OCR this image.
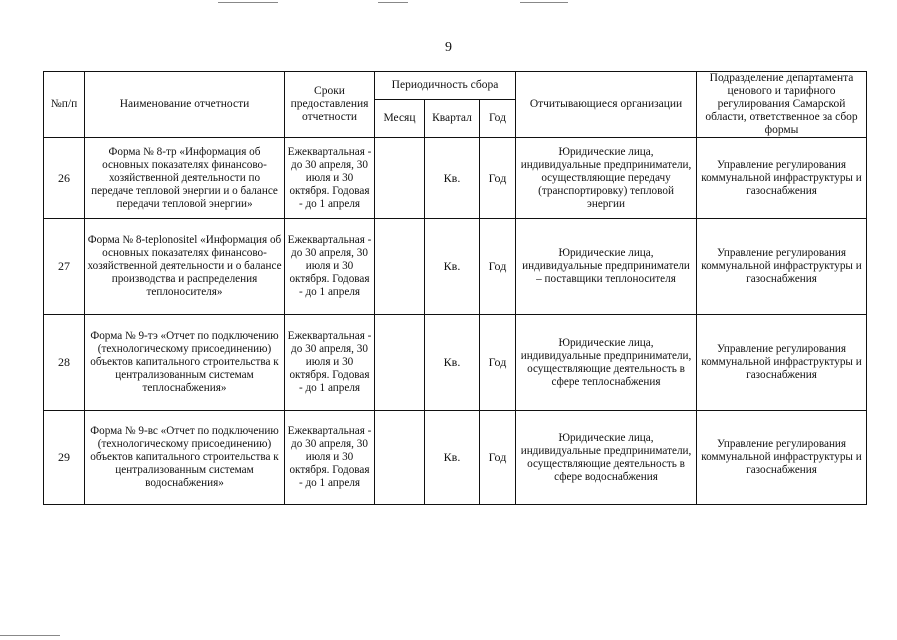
9
№п/п	Наименование отчетности	Сроки предоставления отчетности	Периодичность сбора			Отчитывающиеся организации	Подразделение департамента ценового и тарифного регулирования Самарской области, ответственное за сбор формы
			Месяц	Квартал	Год		
26	Форма № 8-тр «Информация об основных показателях финансово-хозяйственной деятельности по передаче тепловой энергии и о балансе передачи тепловой энергии»	Ежеквартальная - до 30 апреля, 30 июля и 30 октября. Годовая - до 1 апреля		Кв.	Год	Юридические лица, индивидуальные предприниматели, осуществляющие передачу (транспортировку) тепловой энергии	Управление регулирования коммунальной инфраструктуры и газоснабжения
27	Форма № 8-teplonositel «Информация об основных показателях финансово-хозяйственной деятельности и о балансе производства и распределения теплоносителя»	Ежеквартальная - до 30 апреля, 30 июля и 30 октября. Годовая - до 1 апреля		Кв.	Год	Юридические лица, индивидуальные предприниматели – поставщики теплоносителя	Управление регулирования коммунальной инфраструктуры и газоснабжения
28	Форма № 9-тэ «Отчет по подключению (технологическому присоединению) объектов капитального строительства к централизованным системам теплоснабжения»	Ежеквартальная - до 30 апреля, 30 июля и 30 октября. Годовая - до 1 апреля		Кв.	Год	Юридические лица, индивидуальные предприниматели, осуществляющие деятельность в сфере теплоснабжения	Управление регулирования коммунальной инфраструктуры и газоснабжения
29	Форма № 9-вс «Отчет по подключению (технологическому присоединению) объектов капитального строительства к централизованным системам водоснабжения»	Ежеквартальная - до 30 апреля, 30 июля и 30 октября. Годовая - до 1 апреля		Кв.	Год	Юридические лица, индивидуальные предприниматели, осуществляющие деятельность в сфере водоснабжения	Управление регулирования коммунальной инфраструктуры и газоснабжения
